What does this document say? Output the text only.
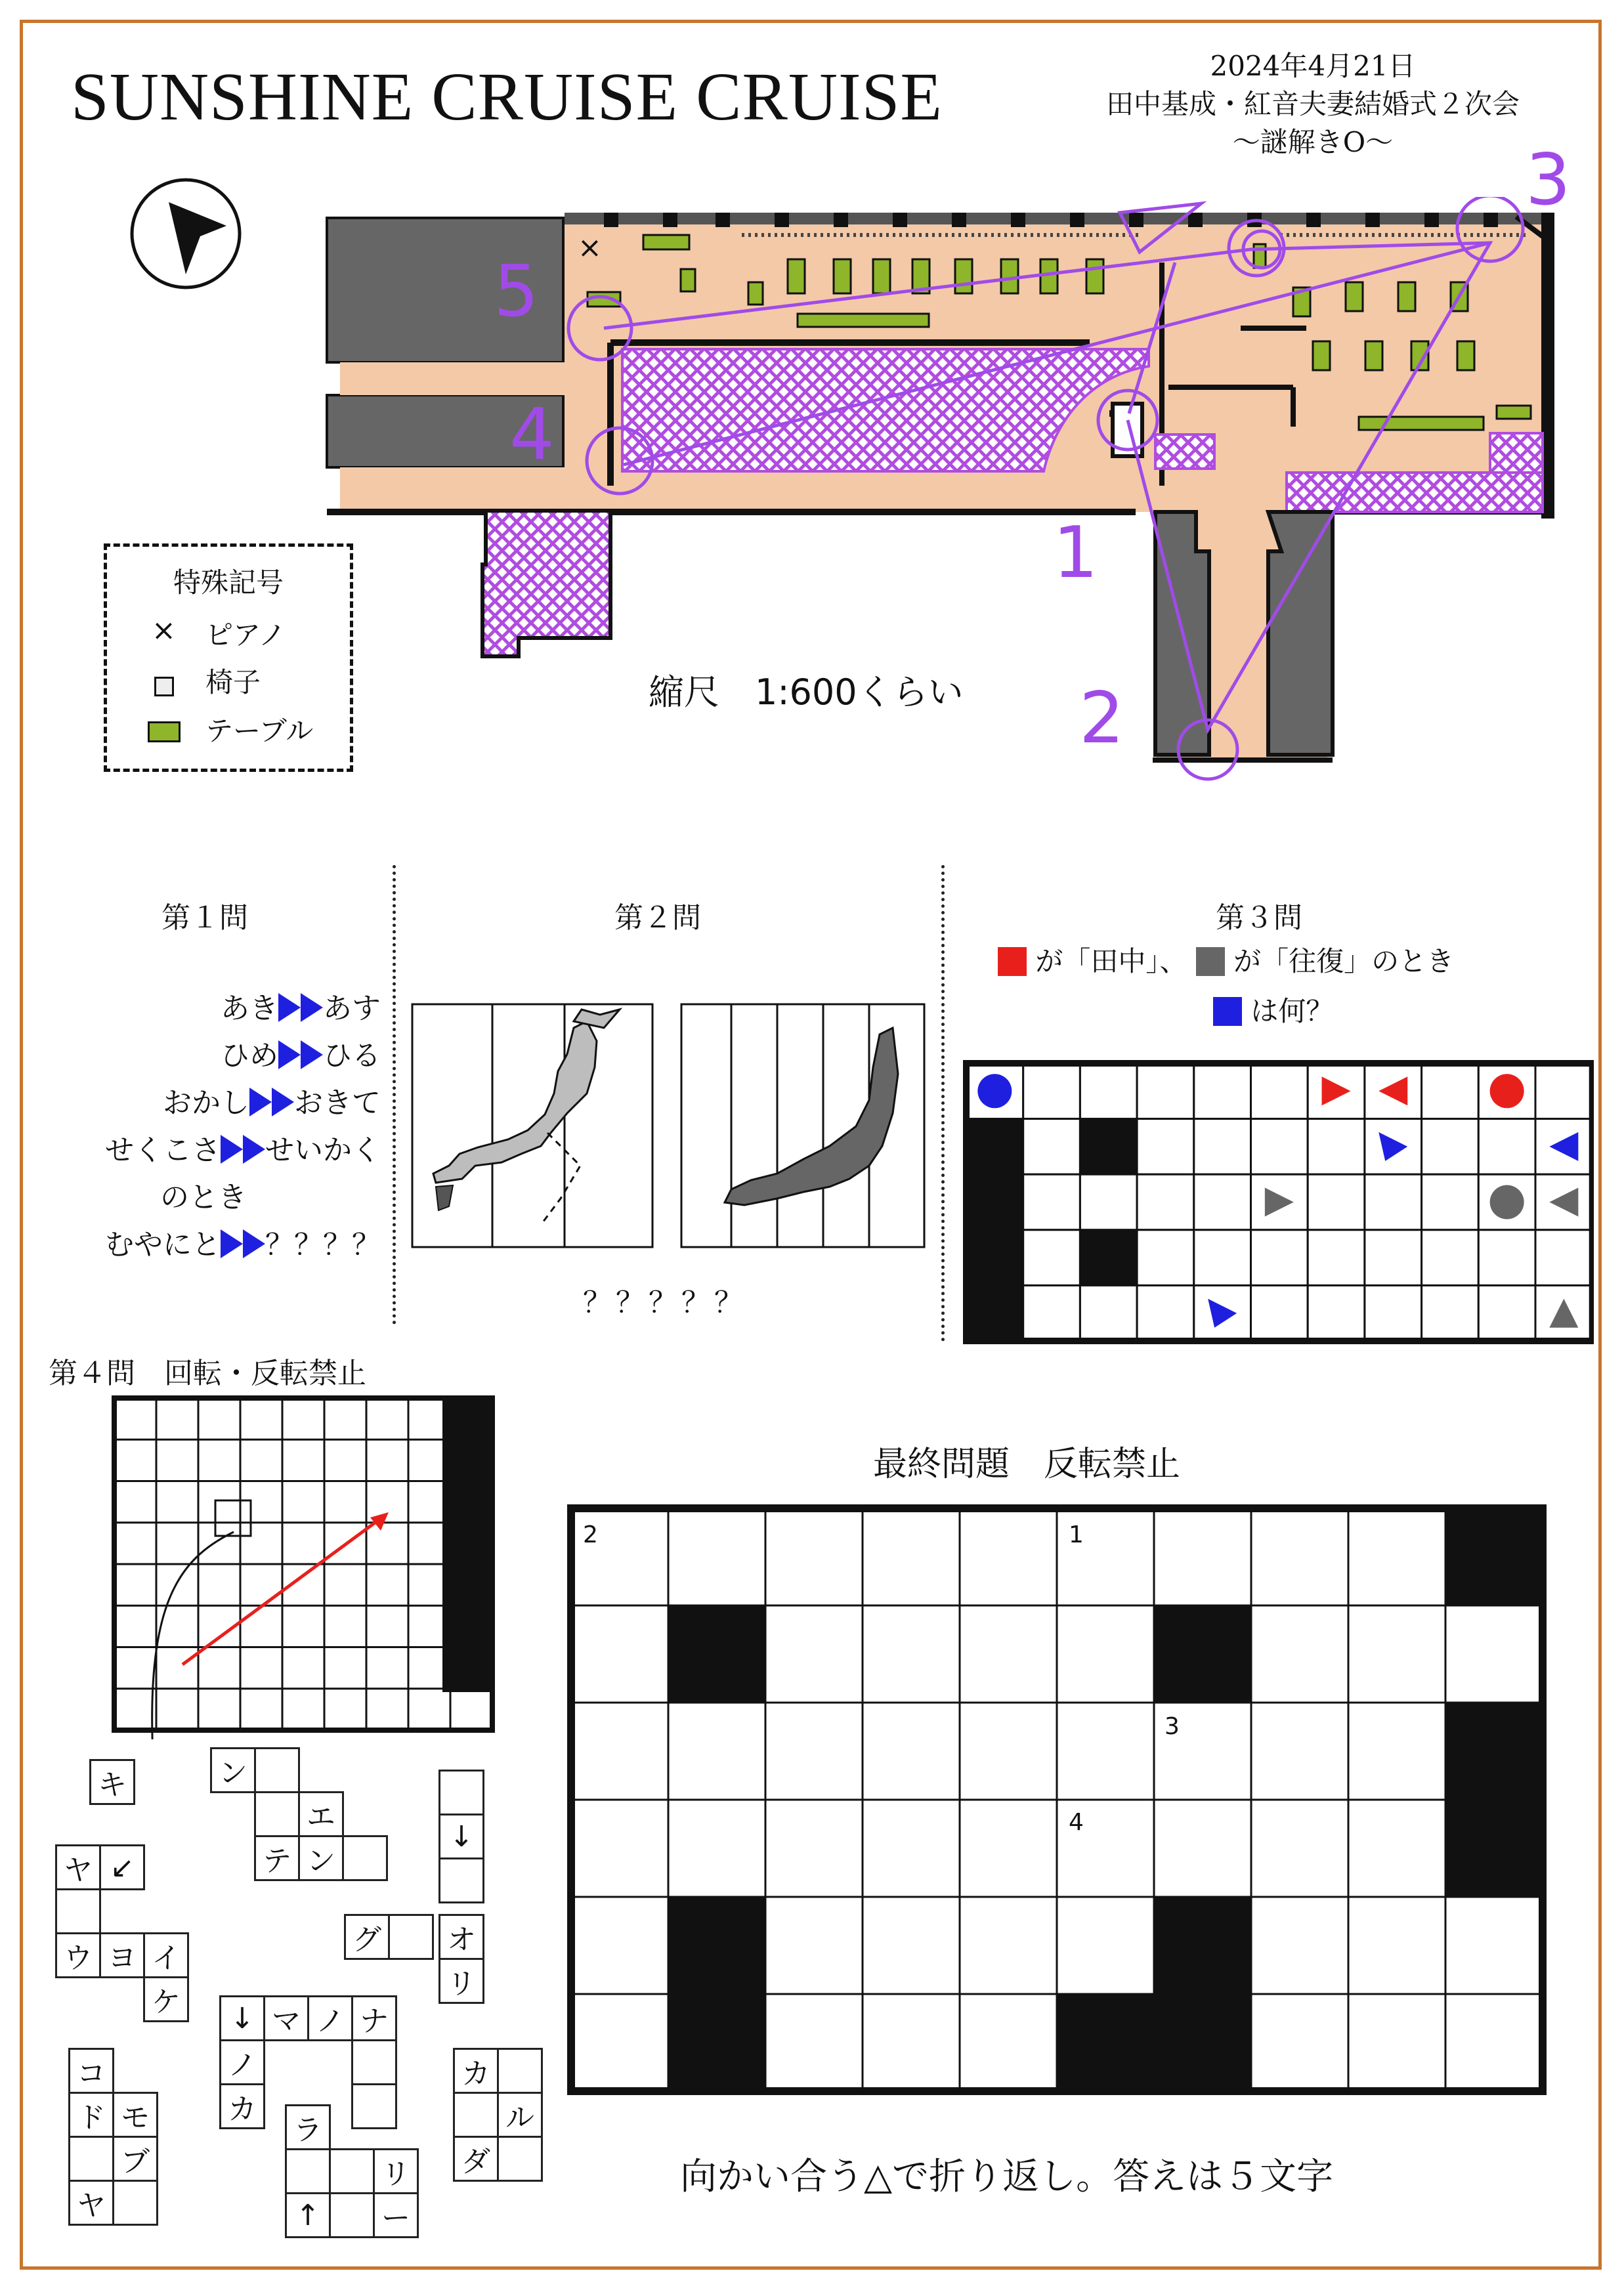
SUNSHINE CRUISE CRUISE	2024年4月21日
田中基成・紅音夫妻結婚式２次会
〜謎解きO〜
×
5
4
1
2
3
縮尺　1:600くらい
特殊記号
× ピアノ
椅子
テーブル
第１問
あき あす
ひめ ひる
おかし おきて
せくこさ せいかく
のとき
むやにと ？？？？
第２問
？？？？？
第３問
が「田中」、 が「往復」のとき
は何？
第４問　回転・反転禁止
キ	ン
エ
テ ン
↓
グ オ
リ
ヤ ↙
ウ ヨ イ
ケ	↓ マ ノ ナ
ノ
カ
カ
ル
ダ
コ
ド モ
ブ
ヤ
ラ
リ
↑	ー
最終問題　反転禁止
2	1
3
4
向かい合う△で折り返し。答えは５文字
